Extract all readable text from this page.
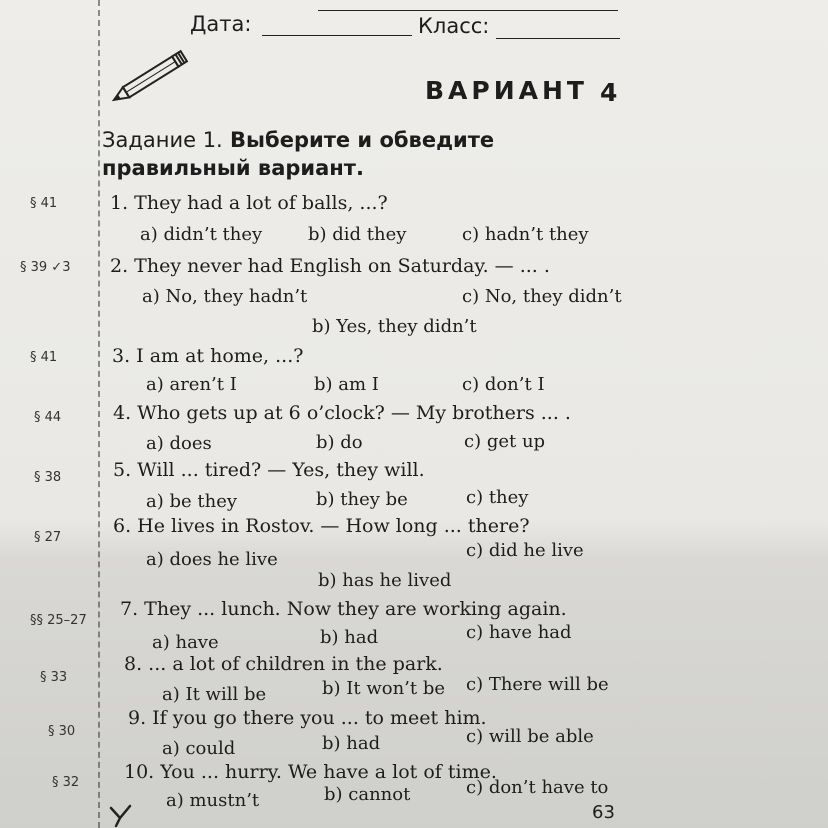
Дата:	Класс:
ВАРИАНТ 4
Задание 1. Выберите и обведите правильный вариант.
§ 41	1. They had a lot of balls, ...?
a) didn’t they	b) did they	c) hadn’t they
§ 39 ✓3 2. They never had English on Saturday. — ... .
a) No, they hadn’t	c) No, they didn’t
b) Yes, they didn’t
§ 41	3. I am at home, ...?
a) aren’t I	b) am I	c) don’t I
§ 44	4. Who gets up at 6 o’clock? — My brothers ... .
a) does	b) do	c) get up
§ 38	5. Will ... tired? — Yes, they will.
a) be they	b) they be	c) they
§ 27
6. He lives in Rostov. — How long ... there?
a) does he live	c) did he live
b) has he lived
§§ 25–27
7. They ... lunch. Now they are working again.
a) have	b) had	c) have had
§ 33
8. ... a lot of children in the park.
a) It will be	b) It won’t be c) There will be
§ 30
9. If you go there you ... to meet him.
a) could	b) had	c) will be able
§ 32 10. You ... hurry. We have a lot of time.
a) mustn’t	b) cannot	c) don’t have to
63
